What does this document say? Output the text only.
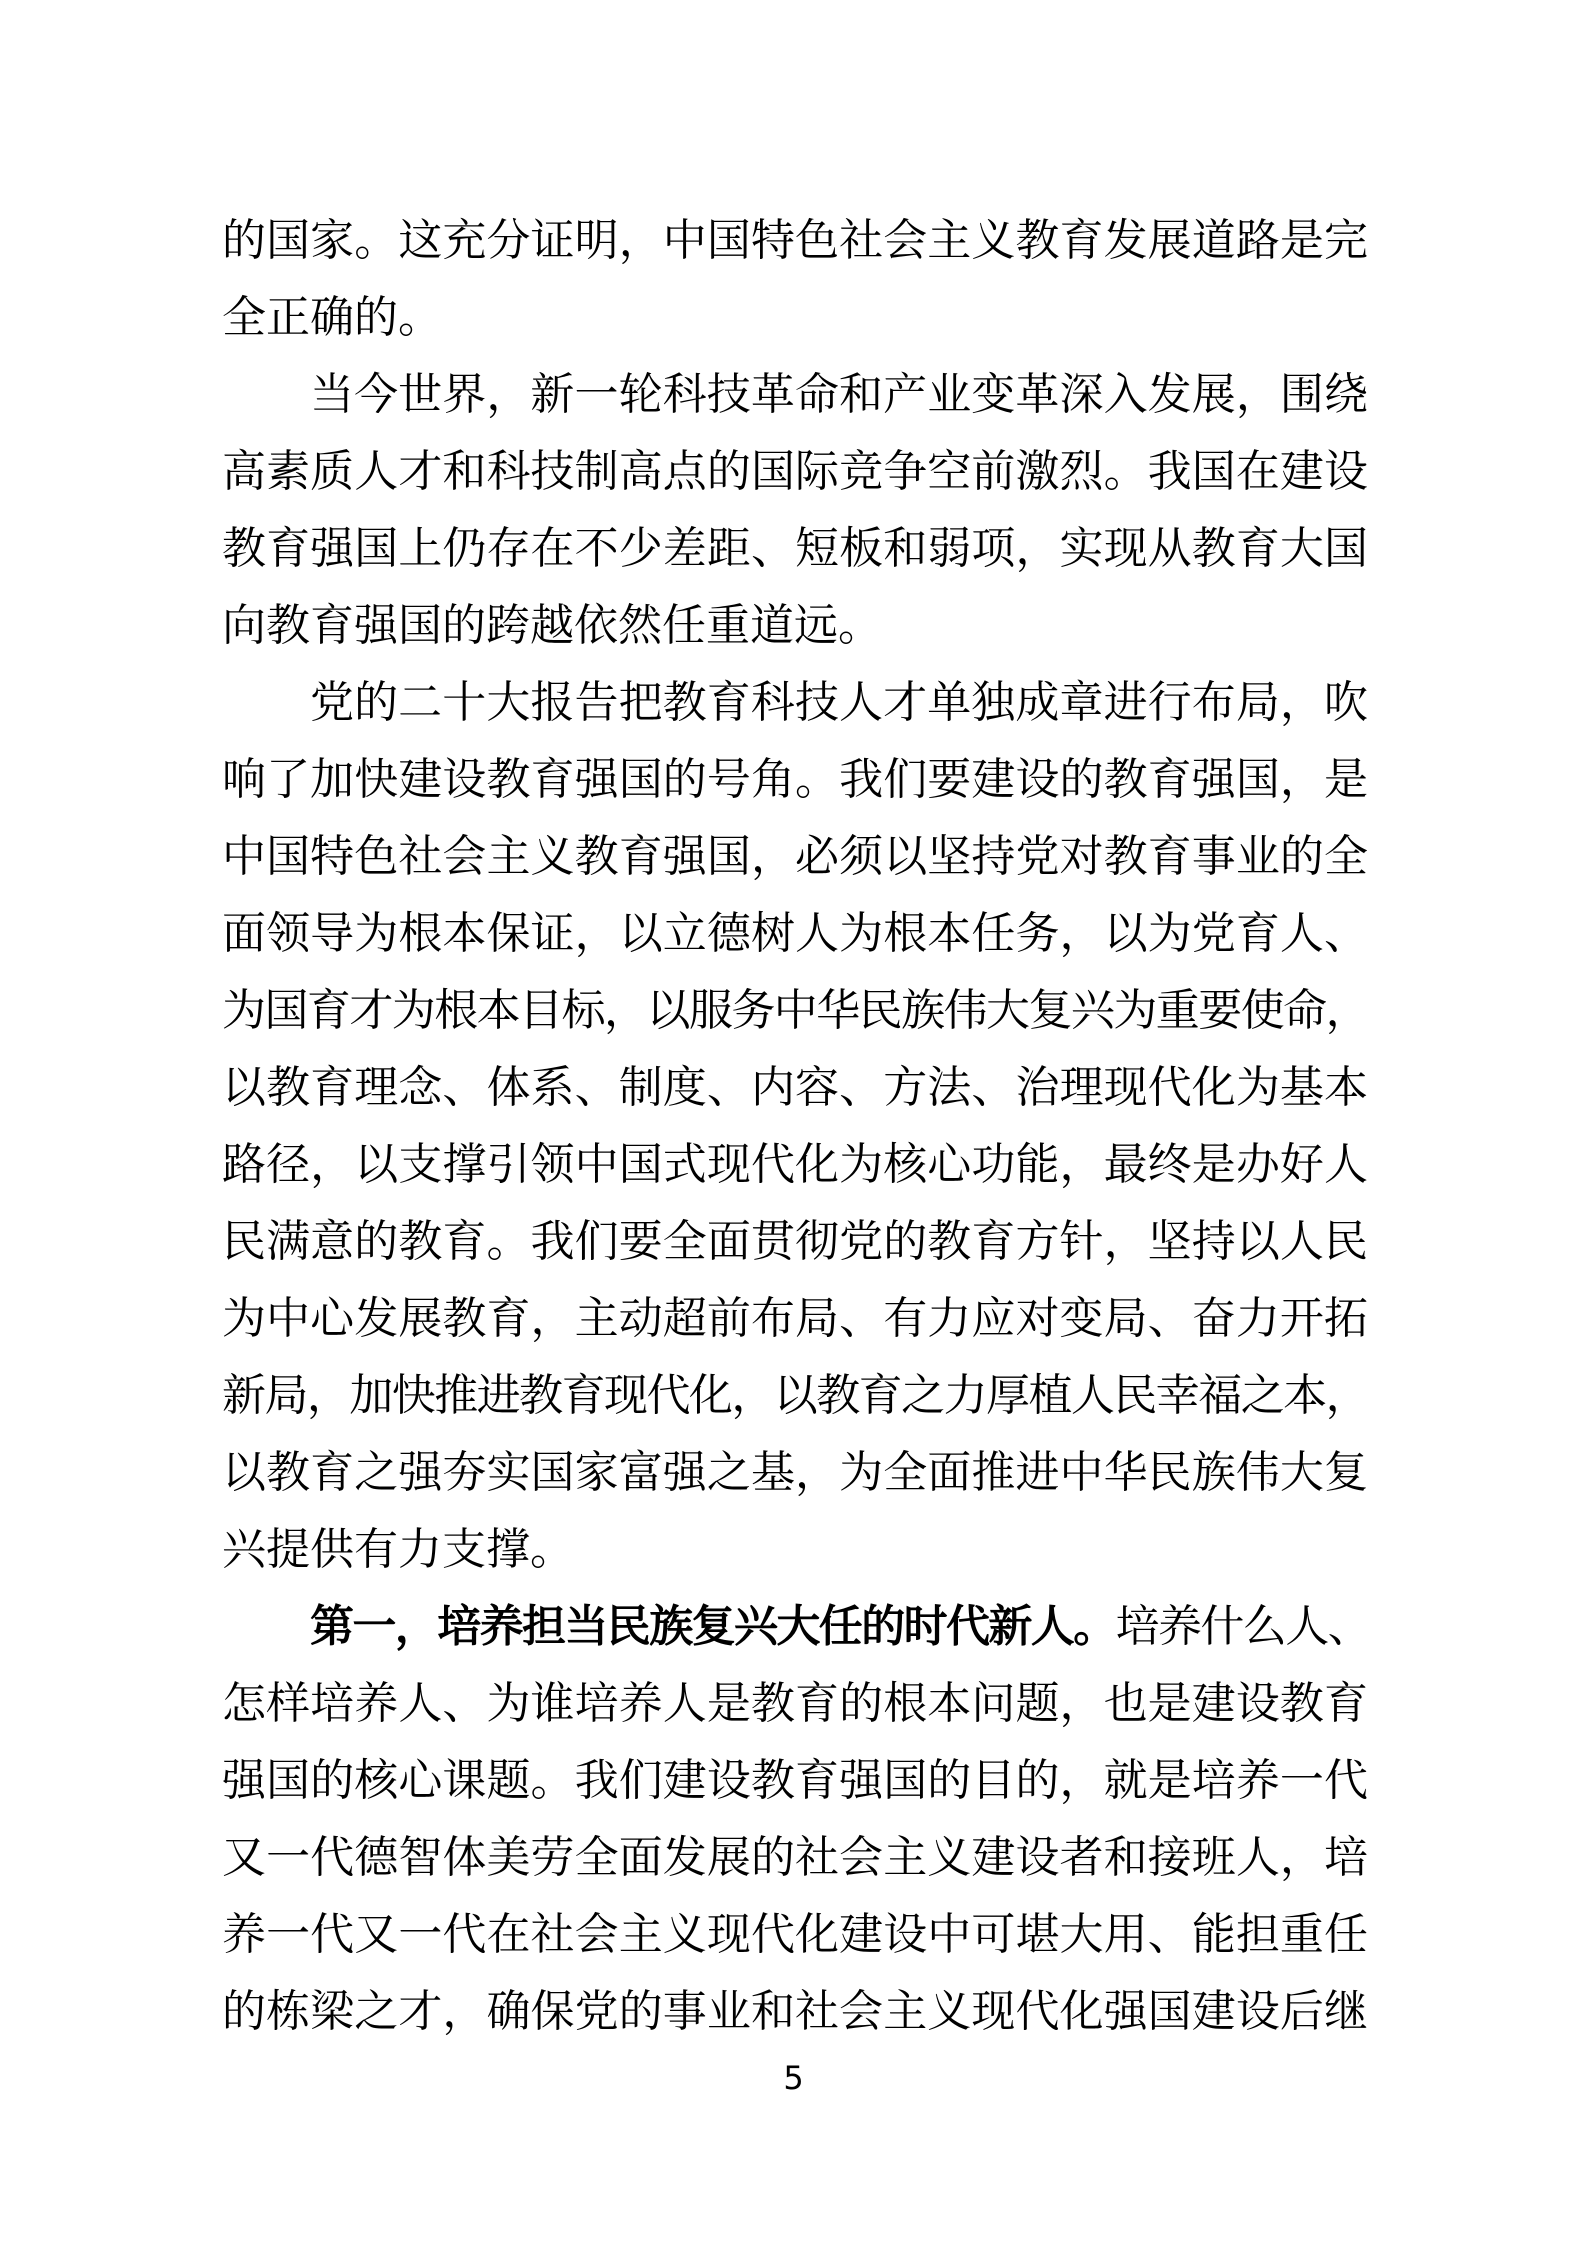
的国家。这充分证明，中国特色社会主义教育发展道路是完
全正确的。
当今世界，新一轮科技革命和产业变革深入发展，围绕
高素质人才和科技制高点的国际竞争空前激烈。我国在建设
教育强国上仍存在不少差距、短板和弱项，实现从教育大国
向教育强国的跨越依然任重道远。
党的二十大报告把教育科技人才单独成章进行布局，吹
响了加快建设教育强国的号角。我们要建设的教育强国，是
中国特色社会主义教育强国，必须以坚持党对教育事业的全
面领导为根本保证，以立德树人为根本任务，以为党育人、
为国育才为根本目标，以服务中华民族伟大复兴为重要使命，
以教育理念、体系、制度、内容、方法、治理现代化为基本
路径，以支撑引领中国式现代化为核心功能，最终是办好人
民满意的教育。我们要全面贯彻党的教育方针，坚持以人民
为中心发展教育，主动超前布局、有力应对变局、奋力开拓
新局，加快推进教育现代化，以教育之力厚植人民幸福之本，
以教育之强夯实国家富强之基，为全面推进中华民族伟大复
兴提供有力支撑。
第一，培养担当民族复兴大任的时代新人。培养什么人、
怎样培养人、为谁培养人是教育的根本问题，也是建设教育
强国的核心课题。我们建设教育强国的目的，就是培养一代
又一代德智体美劳全面发展的社会主义建设者和接班人，培
养一代又一代在社会主义现代化建设中可堪大用、能担重任
的栋梁之才，确保党的事业和社会主义现代化强国建设后继
5
